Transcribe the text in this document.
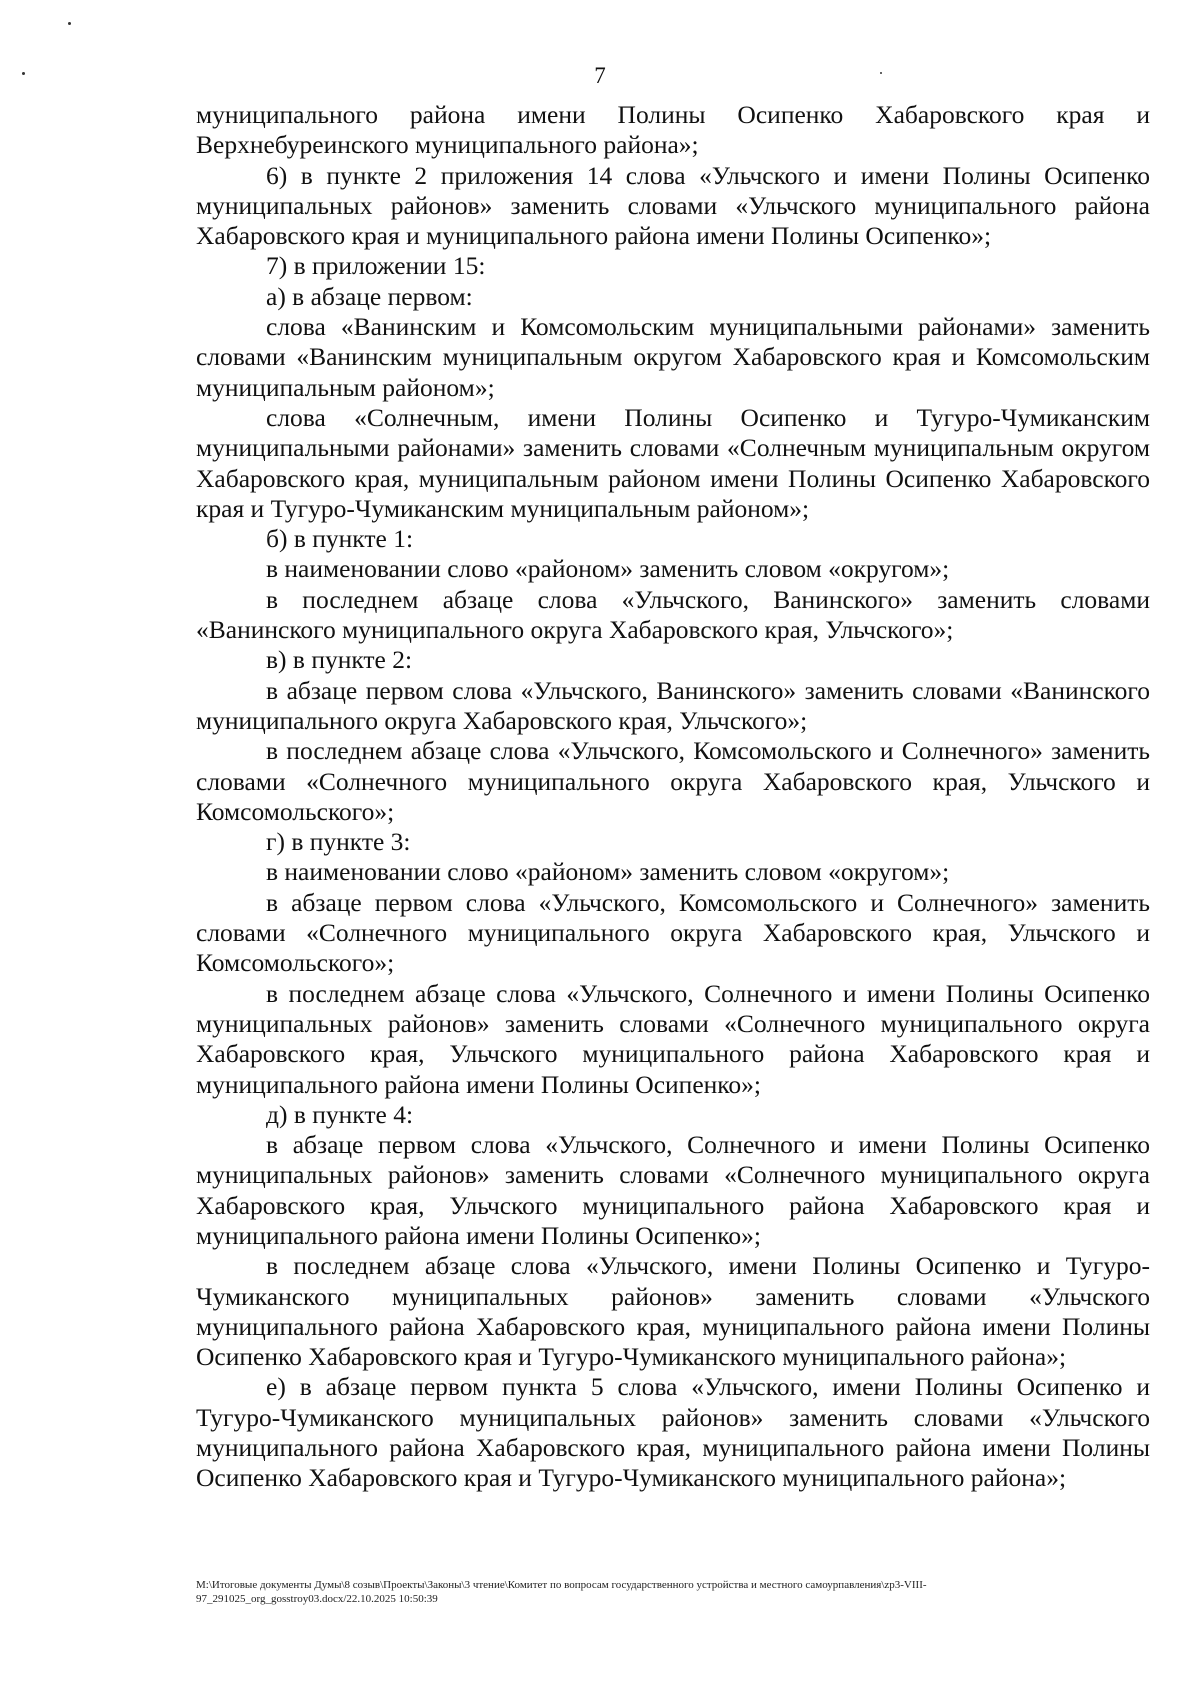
7

муниципального района имени Полины Осипенко Хабаровского края и Верхнебуреинского муниципального района»;

6) в пункте 2 приложения 14 слова «Ульчского и имени Полины Осипенко муниципальных районов» заменить словами «Ульчского муниципального района Хабаровского края и муниципального района имени Полины Осипенко»;

7) в приложении 15:

а) в абзаце первом:

слова «Ванинским и Комсомольским муниципальными районами» заменить словами «Ванинским муниципальным округом Хабаровского края и Комсомольским муниципальным районом»;

слова «Солнечным, имени Полины Осипенко и Тугуро-Чумиканским муниципальными районами» заменить словами «Солнечным муниципальным округом Хабаровского края, муниципальным районом имени Полины Осипенко Хабаровского края и Тугуро-Чумиканским муниципальным районом»;

б) в пункте 1:

в наименовании слово «районом» заменить словом «округом»;

в последнем абзаце слова «Ульчского, Ванинского» заменить словами «Ванинского муниципального округа Хабаровского края, Ульчского»;

в) в пункте 2:

в абзаце первом слова «Ульчского, Ванинского» заменить словами «Ванинского муниципального округа Хабаровского края, Ульчского»;

в последнем абзаце слова «Ульчского, Комсомольского и Солнечного» заменить словами «Солнечного муниципального округа Хабаровского края, Ульчского и Комсомольского»;

г) в пункте 3:

в наименовании слово «районом» заменить словом «округом»;

в абзаце первом слова «Ульчского, Комсомольского и Солнечного» заменить словами «Солнечного муниципального округа Хабаровского края, Ульчского и Комсомольского»;

в последнем абзаце слова «Ульчского, Солнечного и имени Полины Осипенко муниципальных районов» заменить словами «Солнечного муниципального округа Хабаровского края, Ульчского муниципального района Хабаровского края и муниципального района имени Полины Осипенко»;

д) в пункте 4:

в абзаце первом слова «Ульчского, Солнечного и имени Полины Осипенко муниципальных районов» заменить словами «Солнечного муниципального округа Хабаровского края, Ульчского муниципального района Хабаровского края и муниципального района имени Полины Осипенко»;

в последнем абзаце слова «Ульчского, имени Полины Осипенко и Тугуро-Чумиканского муниципальных районов» заменить словами «Ульчского муниципального района Хабаровского края, муниципального района имени Полины Осипенко Хабаровского края и Тугуро-Чумиканского муниципального района»;

е) в абзаце первом пункта 5 слова «Ульчского, имени Полины Осипенко и Тугуро-Чумиканского муниципальных районов» заменить словами «Ульчского муниципального района Хабаровского края, муниципального района имени Полины Осипенко Хабаровского края и Тугуро-Чумиканского муниципального района»;

M:\Итоговые документы Думы\8 созыв\Проекты\Законы\3 чтение\Комитет по вопросам государственного устройства и местного самоурпавления\zp3-VIII-
97_291025_org_gosstroy03.docx/22.10.2025 10:50:39
